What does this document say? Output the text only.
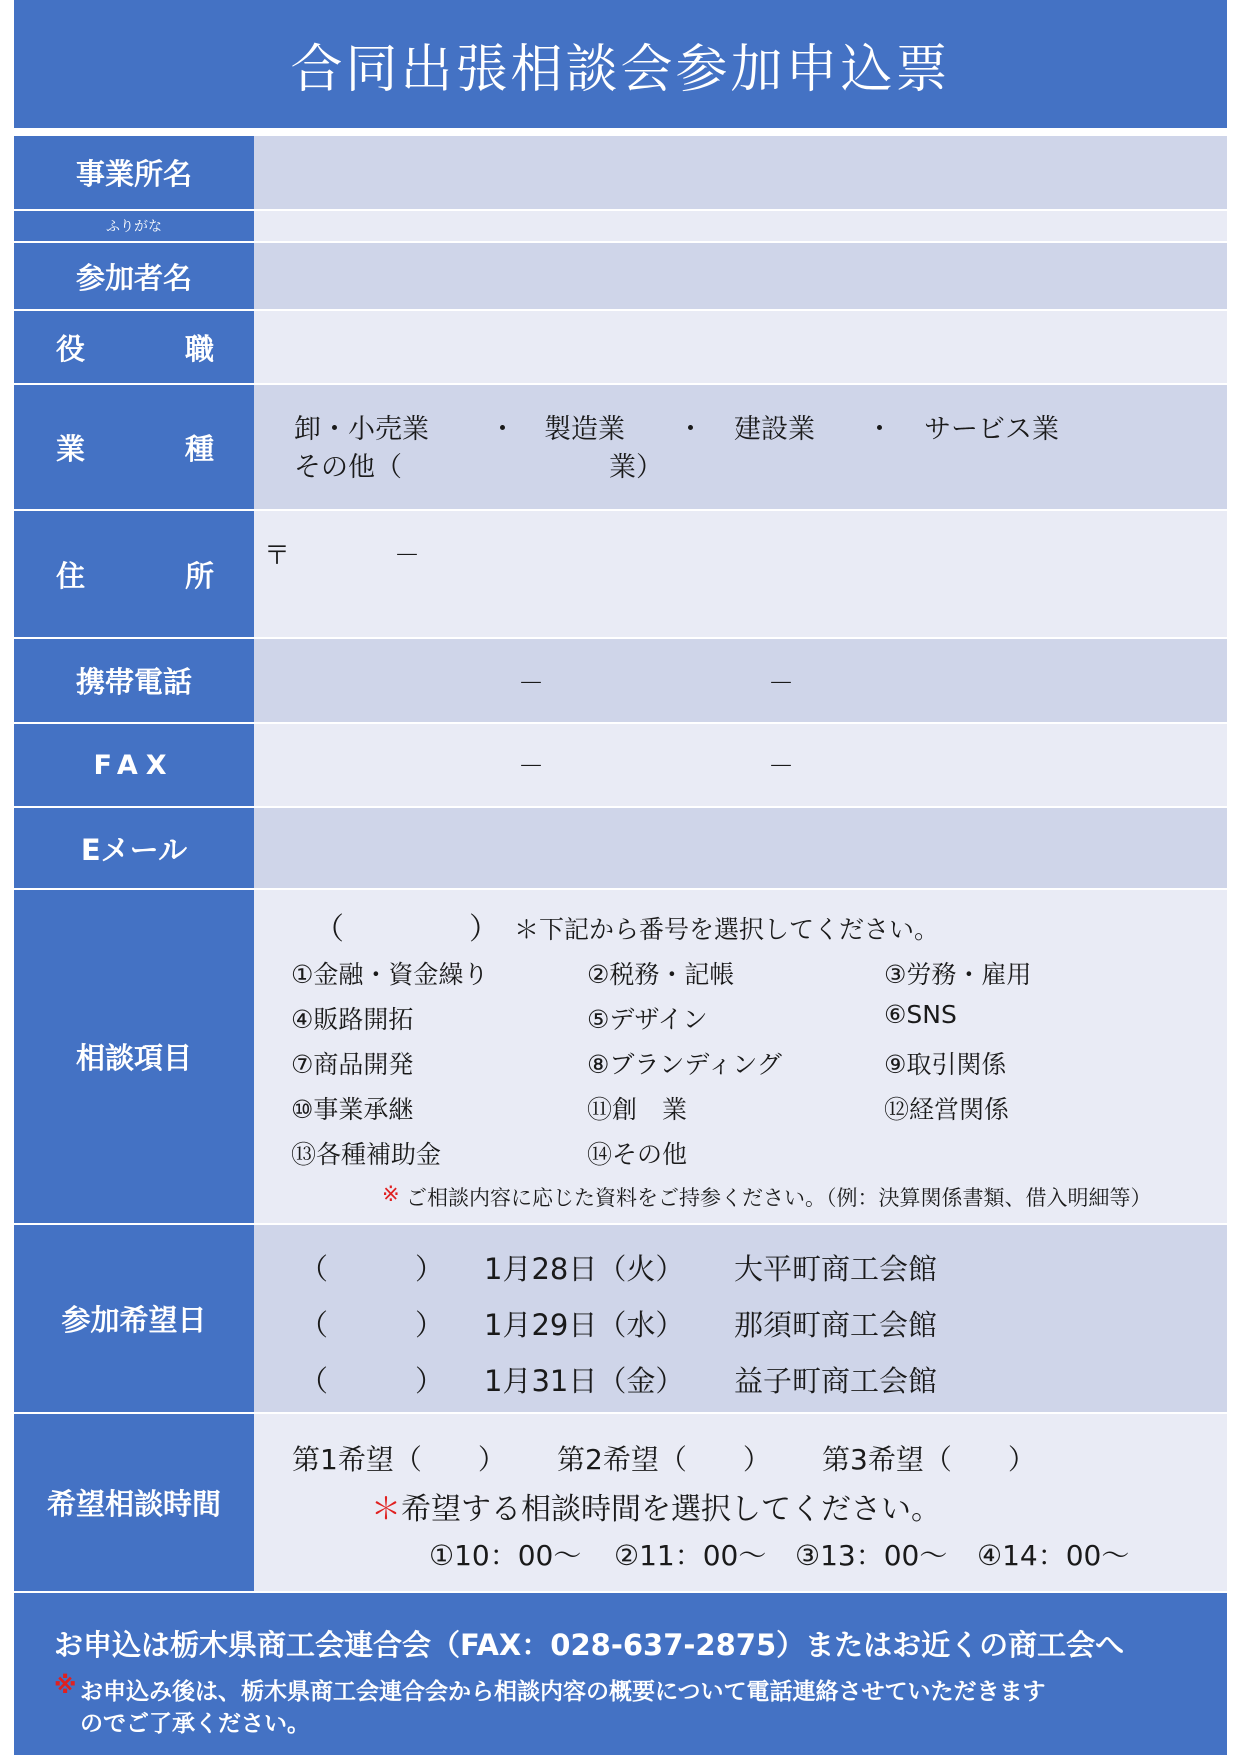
合同出張相談会参加申込票
事業所名
ふりがな
参加者名
役	職
業	種
卸・小売業 ・ 製造業 ・ 建設業 ・ サービス業
その他（	業）
住	所
〒	－
携帯電話	－	－
FAX	－	－
Eメール
相談項目
（	） ＊下記から番号を選択してください。
①金融・資金繰り	②税務・記帳	③労務・雇用
④販路開拓	⑤デザイン	⑥SNS
⑦商品開発	⑧ブランディング	⑨取引関係
⑩事業承継	⑪創　業	⑫経営関係
⑬各種補助金	⑭その他
※ ご相談内容に応じた資料をご持参ください。（例：決算関係書類、借入明細等）
参加希望日
（　　　） 1月28日（火） 大平町商工会館
（　　　） 1月29日（水） 那須町商工会館
（　　　） 1月31日（金） 益子町商工会館
希望相談時間
第1希望（　　） 第2希望（　　） 第3希望（　　）
＊ 希望する相談時間を選択してください。
①10：00～ ②11：00～ ③13：00～ ④14：00～
お申込は栃木県商工会連合会（FAX：028-637-2875）またはお近くの商工会へ
※ お申込み後は、栃木県商工会連合会から相談内容の概要について電話連絡させていただきます
のでご了承ください。
